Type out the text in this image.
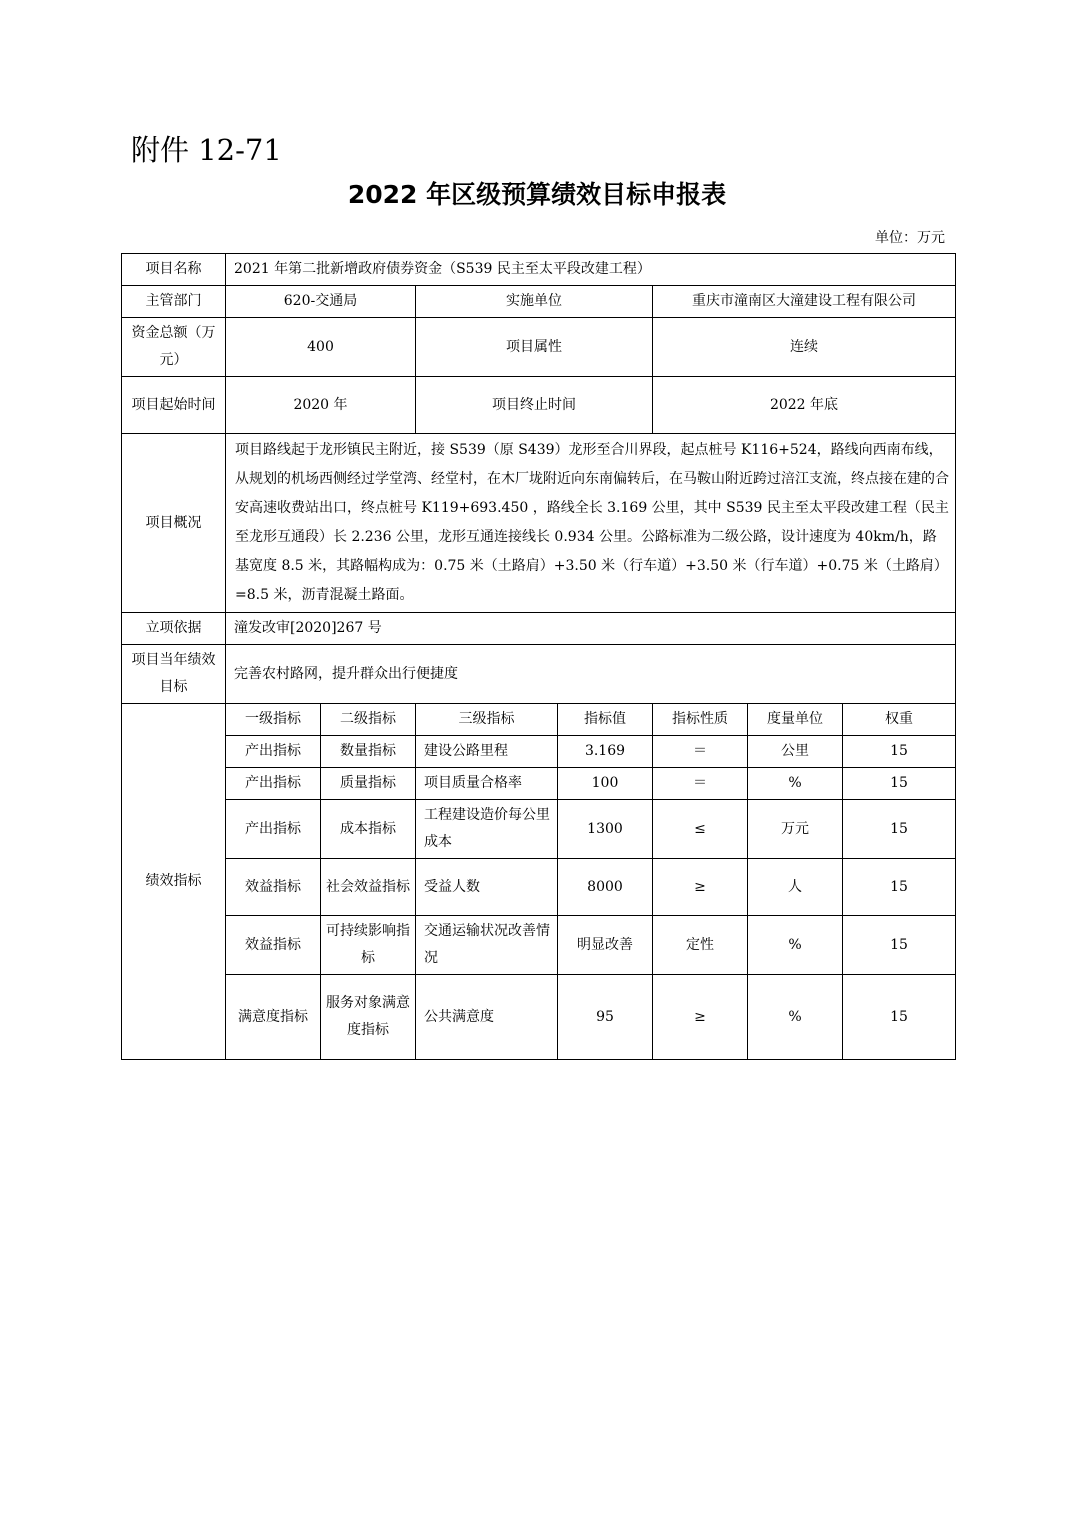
附件 12-71
2022 年区级预算绩效目标申报表
单位：万元
项目名称	2021 年第二批新增政府债券资金（S539 民主至太平段改建工程）						
主管部门	620-交通局		实施单位		重庆市潼南区大潼建设工程有限公司		
资金总额（万元）	400		项目属性		连续		
项目起始时间	2020 年		项目终止时间		2022 年底		
项目概况	项目路线起于龙形镇民主附近，接 S539（原 S439）龙形至合川界段，起点桩号 K116+524，路线向西南布线，从规划的机场西侧经过学堂湾、经堂村，在木厂垅附近向东南偏转后，在马鞍山附近跨过涪江支流，终点接在建的合安高速收费站出口，终点桩号 K119+693.450 ，路线全长 3.169 公里，其中 S539 民主至太平段改建工程（民主至龙形互通段）长 2.236 公里，龙形互通连接线长 0.934 公里。公路标准为二级公路，设计速度为 40km/h，路基宽度 8.5 米，其路幅构成为：0.75 米（土路肩）+3.50 米（行车道）+3.50 米（行车道）+0.75 米（土路肩）=8.5 米，沥青混凝土路面。						
立项依据	潼发改审[2020]267 号						
项目当年绩效目标	完善农村路网，提升群众出行便捷度						
绩效指标	一级指标	二级指标	三级指标	指标值	指标性质	度量单位	权重
	产出指标	数量指标	建设公路里程	3.169	＝	公里	15
	产出指标	质量指标	项目质量合格率	100	＝	%	15
	产出指标	成本指标	工程建设造价每公里成本	1300	≤	万元	15
	效益指标	社会效益指标	受益人数	8000	≥	人	15
	效益指标	可持续影响指标	交通运输状况改善情况	明显改善	定性	%	15
	满意度指标	服务对象满意度指标	公共满意度	95	≥	%	15
